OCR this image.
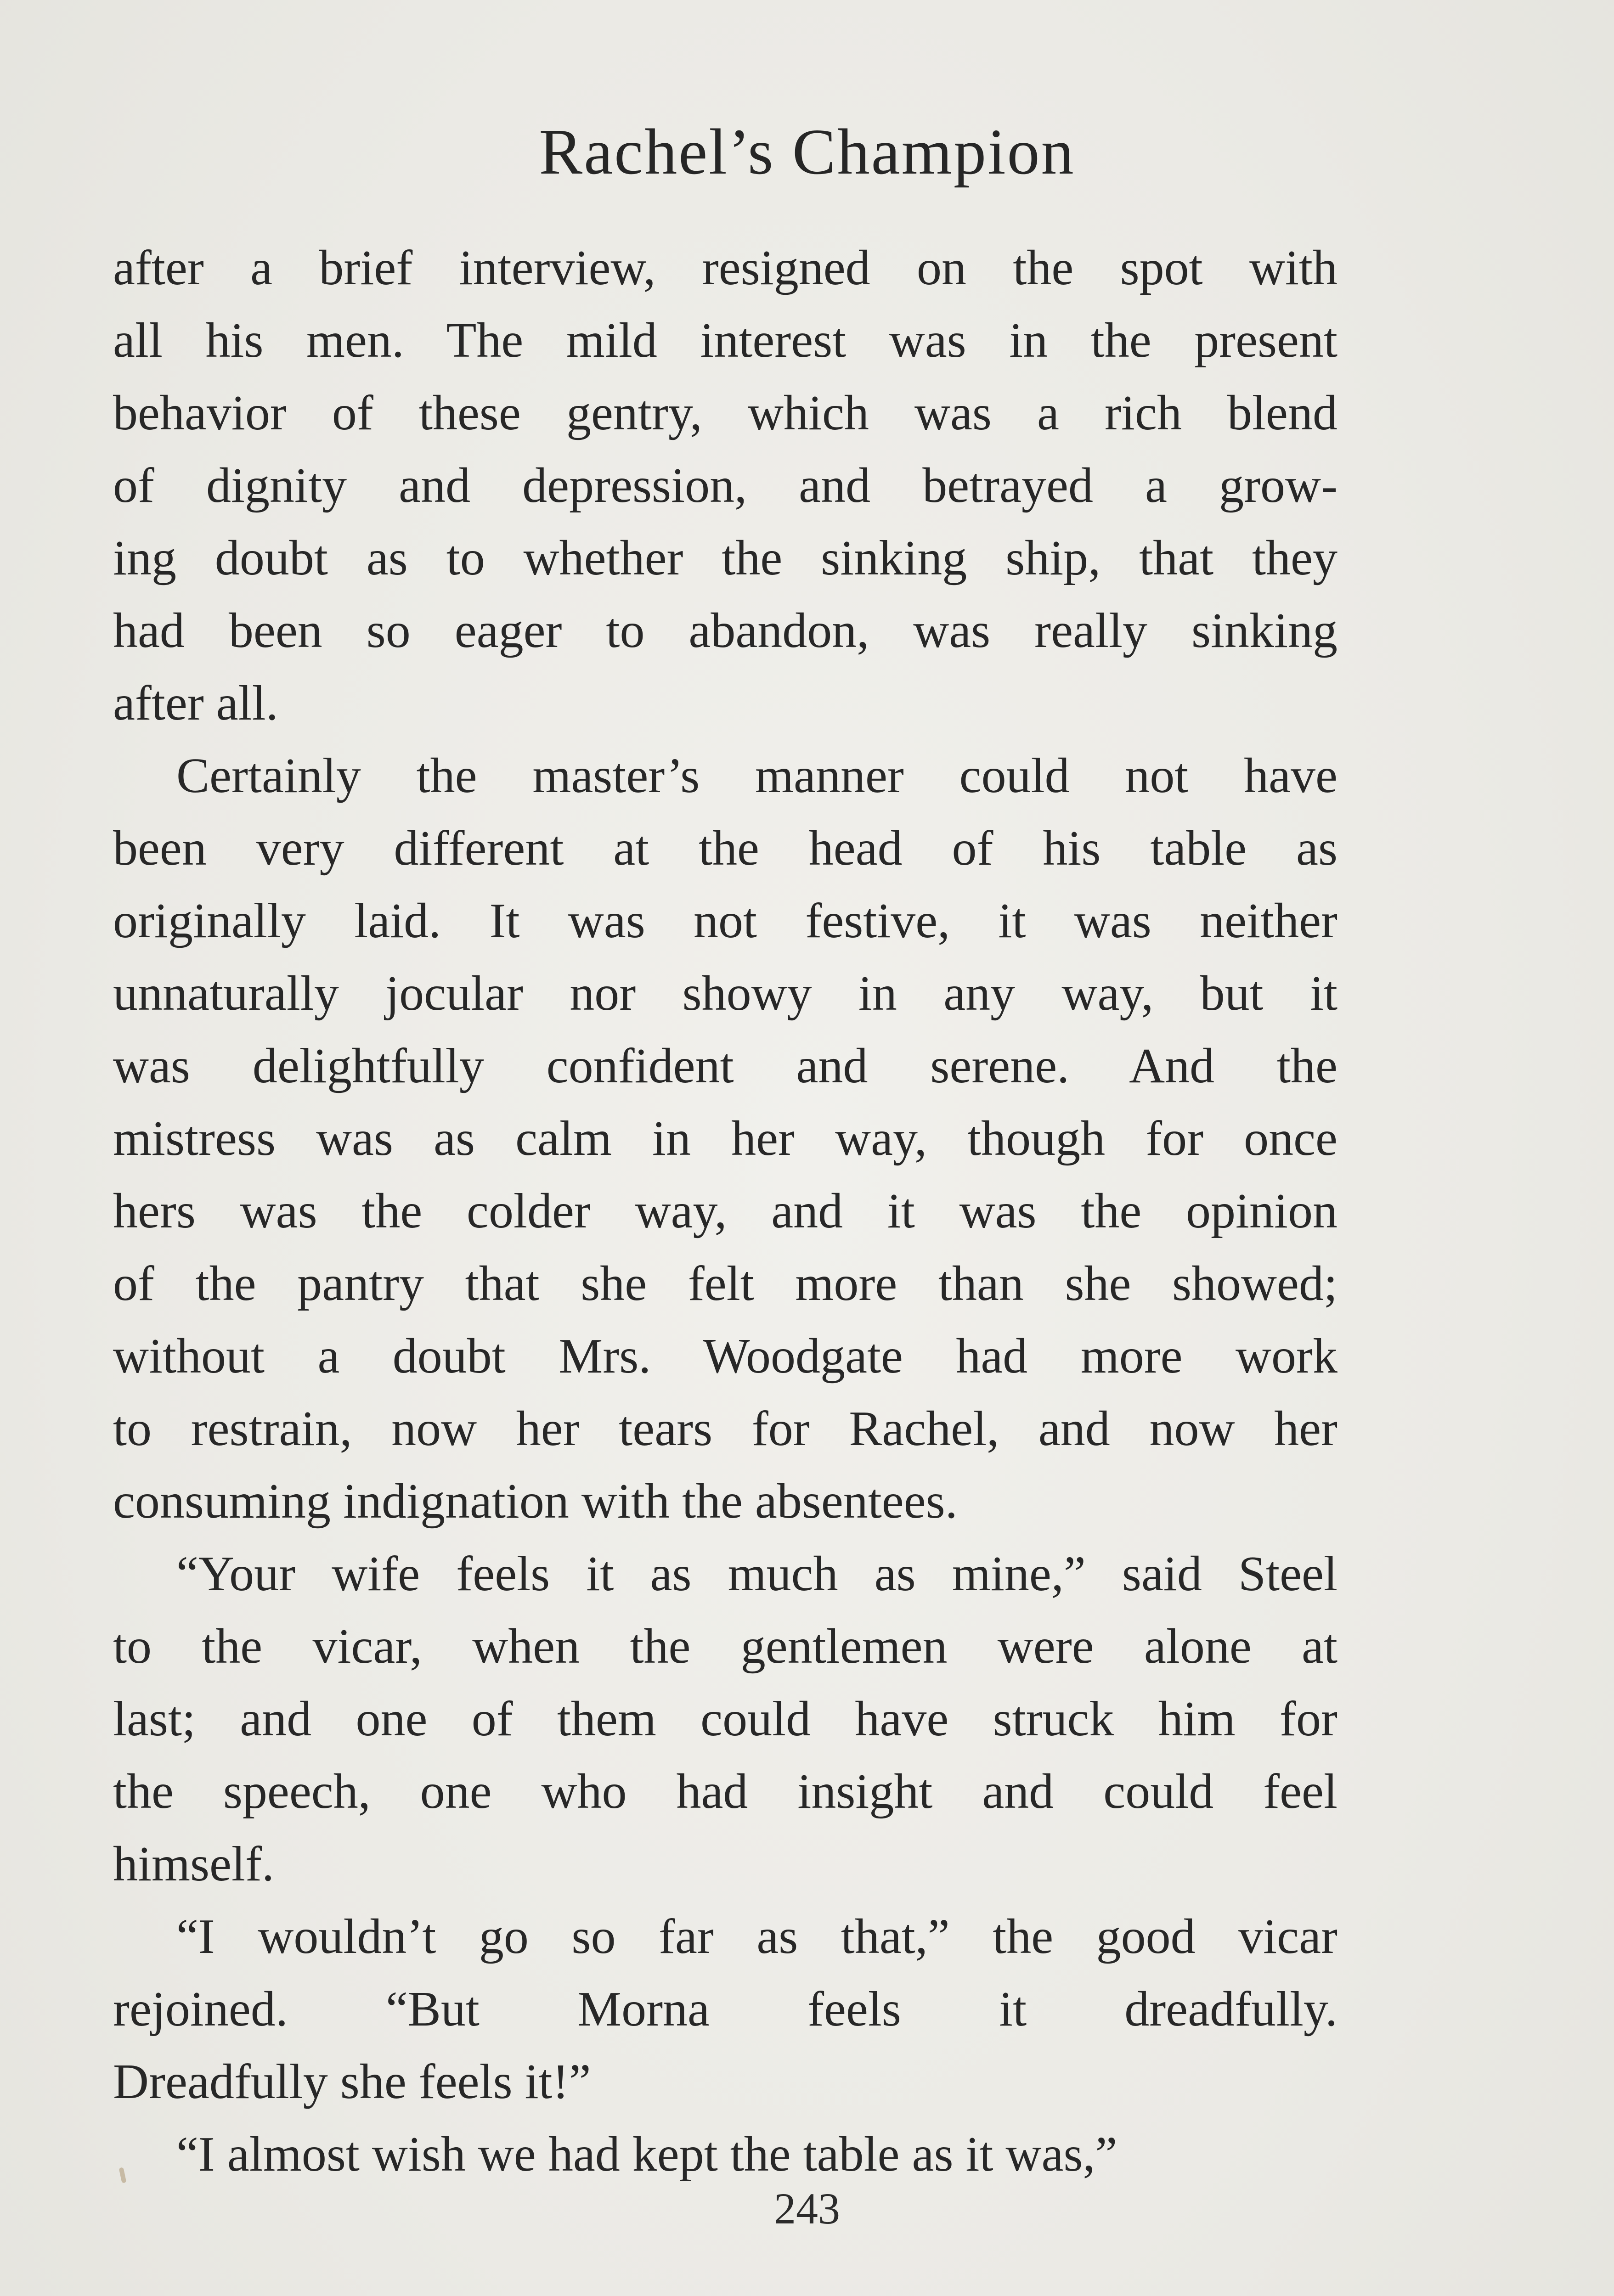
Rachel’s Champion
after a brief interview, resigned on the spot with
all his men. The mild interest was in the present
behavior of these gentry, which was a rich blend
of dignity and depression, and betrayed a grow-
ing doubt as to whether the sinking ship, that they
had been so eager to abandon, was really sinking
after all.
Certainly the master’s manner could not have
been very different at the head of his table as
originally laid. It was not festive, it was neither
unnaturally jocular nor showy in any way, but it
was delightfully confident and serene. And the
mistress was as calm in her way, though for once
hers was the colder way, and it was the opinion
of the pantry that she felt more than she showed;
without a doubt Mrs. Woodgate had more work
to restrain, now her tears for Rachel, and now her
consuming indignation with the absentees.
“Your wife feels it as much as mine,” said Steel
to the vicar, when the gentlemen were alone at
last; and one of them could have struck him for
the speech, one who had insight and could feel
himself.
“I wouldn’t go so far as that,” the good vicar
rejoined. “But Morna feels it dreadfully.
Dreadfully she feels it!”
“I almost wish we had kept the table as it was,”
243
